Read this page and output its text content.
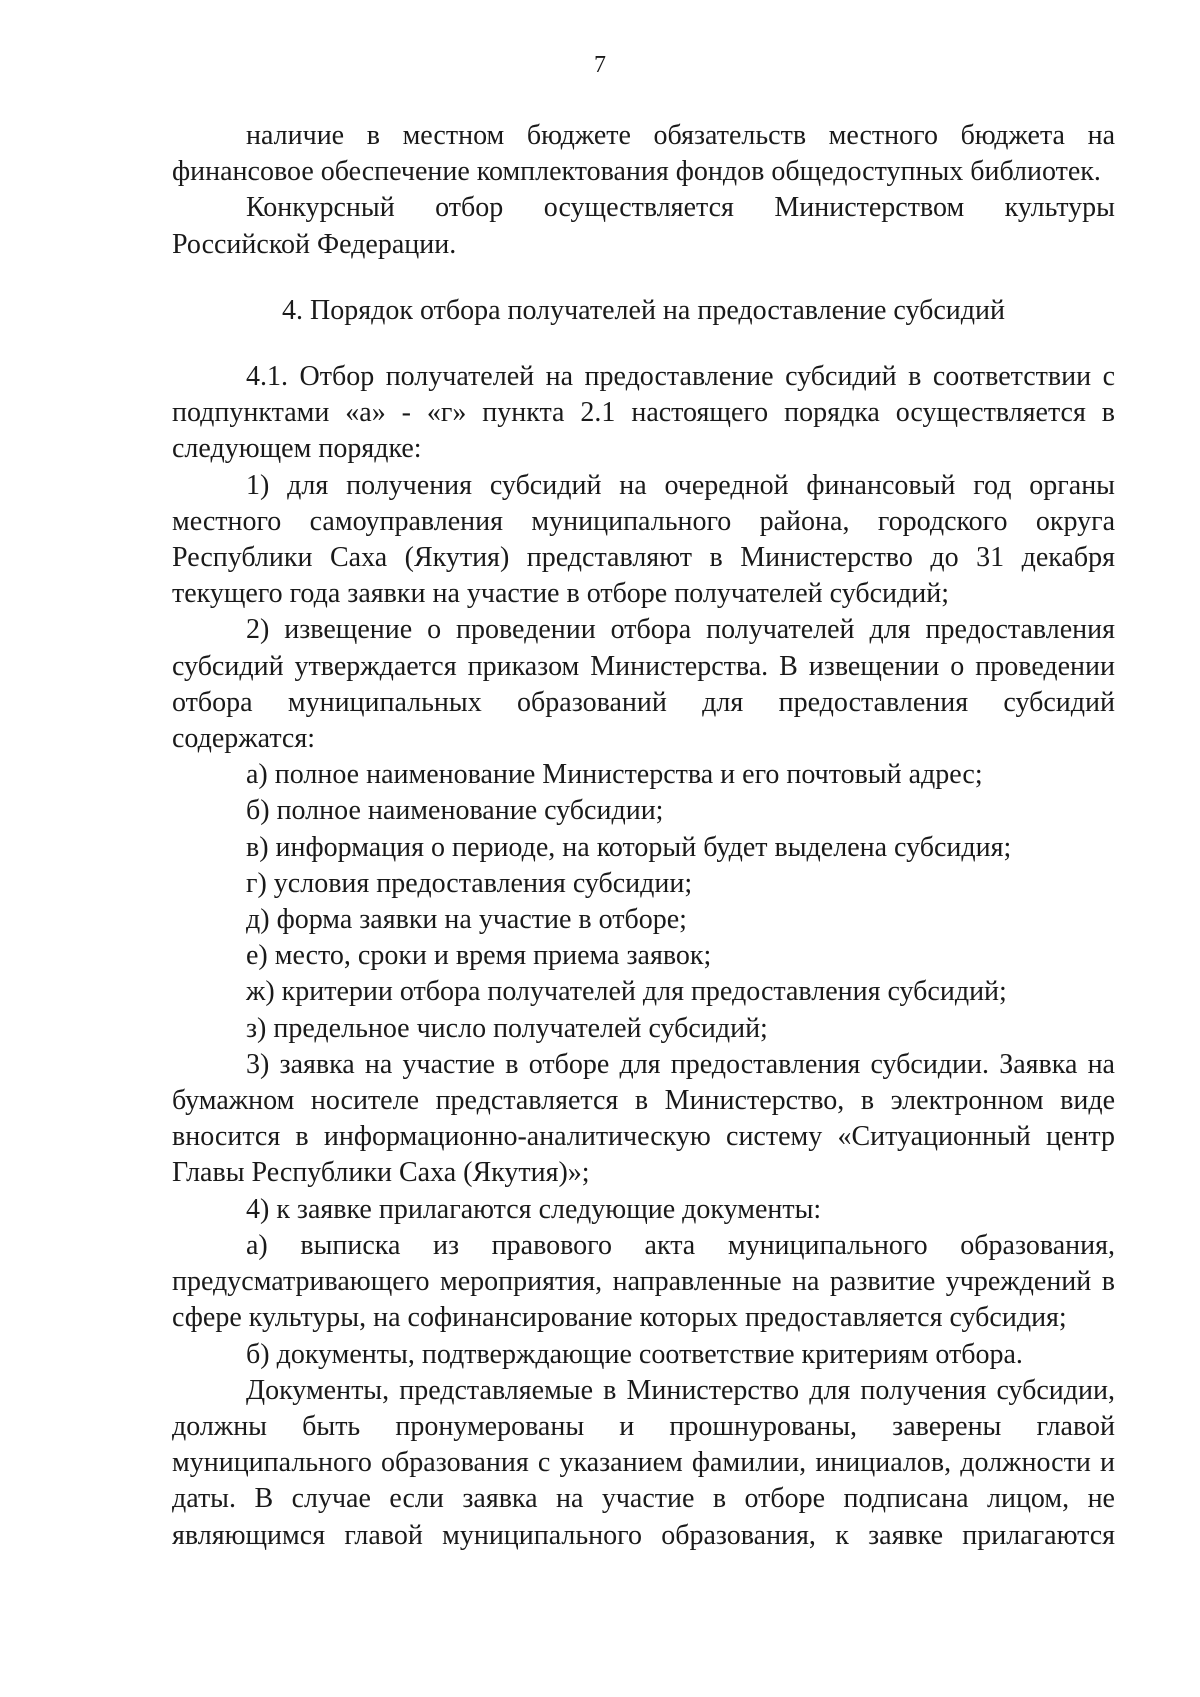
7

наличие в местном бюджете обязательств местного бюджета на финансовое обеспечение комплектования фондов общедоступных библиотек.

Конкурсный отбор осуществляется Министерством культуры Российской Федерации.

4. Порядок отбора получателей на предоставление субсидий

4.1. Отбор получателей на предоставление субсидий в соответствии с подпунктами «а» - «г» пункта 2.1 настоящего порядка осуществляется в следующем порядке:

1) для получения субсидий на очередной финансовый год органы местного самоуправления муниципального района, городского округа Республики Саха (Якутия) представляют в Министерство до 31 декабря текущего года заявки на участие в отборе получателей субсидий;

2) извещение о проведении отбора получателей для предоставления субсидий утверждается приказом Министерства. В извещении о проведении отбора муниципальных образований для предоставления субсидий содержатся:

а) полное наименование Министерства и его почтовый адрес;

б) полное наименование субсидии;

в) информация о периоде, на который будет выделена субсидия;

г) условия предоставления субсидии;

д) форма заявки на участие в отборе;

е) место, сроки и время приема заявок;

ж) критерии отбора получателей для предоставления субсидий;

з) предельное число получателей субсидий;

3) заявка на участие в отборе для предоставления субсидии. Заявка на бумажном носителе представляется в Министерство, в электронном виде вносится в информационно-аналитическую систему «Ситуационный центр Главы Республики Саха (Якутия)»;

4) к заявке прилагаются следующие документы:

а) выписка из правового акта муниципального образования, предусматривающего мероприятия, направленные на развитие учреждений в сфере культуры, на софинансирование которых предоставляется субсидия;

б) документы, подтверждающие соответствие критериям отбора.

Документы, представляемые в Министерство для получения субсидии, должны быть пронумерованы и прошнурованы, заверены главой муниципального образования с указанием фамилии, инициалов, должности и даты. В случае если заявка на участие в отборе подписана лицом, не являющимся главой муниципального образования, к заявке прилагаются
